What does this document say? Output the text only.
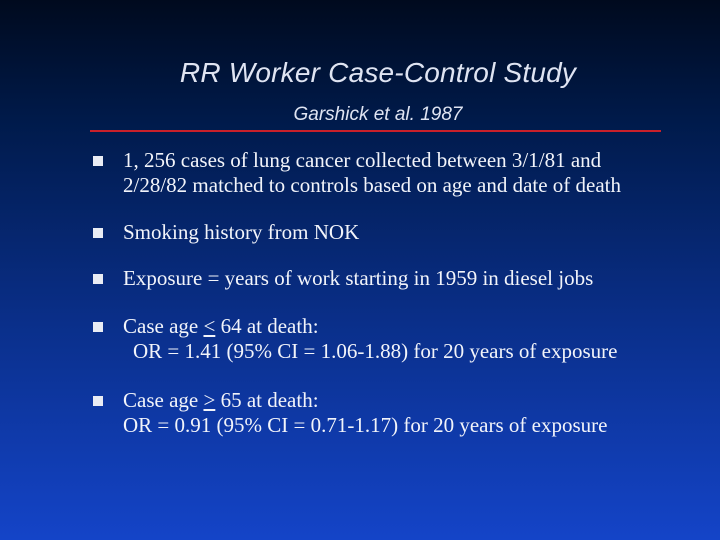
RR Worker Case-Control Study
Garshick et al. 1987
1, 256 cases of lung cancer collected between 3/1/81 and
2/28/82 matched to controls based on age and date of death
Smoking history from NOK
Exposure = years of work starting in 1959 in diesel jobs
Case age ≤ 64 at death:
OR = 1.41 (95% CI = 1.06-1.88) for 20 years of exposure
Case age ≥ 65 at death:
OR = 0.91 (95% CI = 0.71-1.17) for 20 years of exposure
